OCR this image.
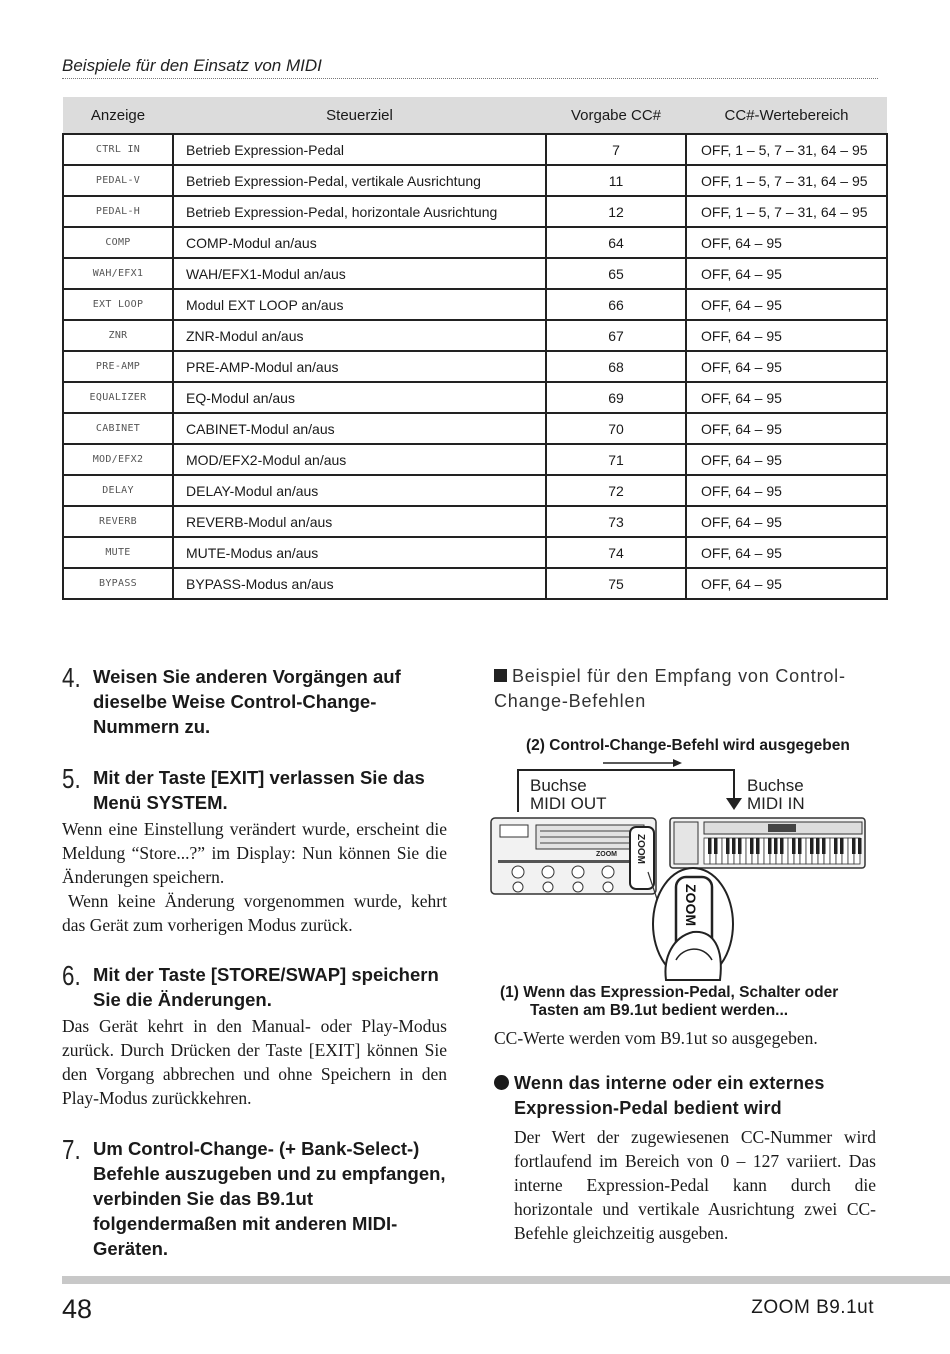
Beispiele für den Einsatz von MIDI
Anzeige	Steuerziel	Vorgabe CC#	CC#-Wertebereich
CTRL IN	Betrieb Expression-Pedal	7	OFF, 1 – 5, 7 – 31, 64 – 95
PEDAL-V	Betrieb Expression-Pedal, vertikale Ausrichtung	11	OFF, 1 – 5, 7 – 31, 64 – 95
PEDAL-H	Betrieb Expression-Pedal, horizontale Ausrichtung	12	OFF, 1 – 5, 7 – 31, 64 – 95
COMP	COMP-Modul an/aus	64	OFF, 64 – 95
WAH/EFX1	WAH/EFX1-Modul an/aus	65	OFF, 64 – 95
EXT LOOP	Modul EXT LOOP an/aus	66	OFF, 64 – 95
ZNR	ZNR-Modul an/aus	67	OFF, 64 – 95
PRE-AMP	PRE-AMP-Modul an/aus	68	OFF, 64 – 95
EQUALIZER	EQ-Modul an/aus	69	OFF, 64 – 95
CABINET	CABINET-Modul an/aus	70	OFF, 64 – 95
MOD/EFX2	MOD/EFX2-Modul an/aus	71	OFF, 64 – 95
DELAY	DELAY-Modul an/aus	72	OFF, 64 – 95
REVERB	REVERB-Modul an/aus	73	OFF, 64 – 95
MUTE	MUTE-Modus an/aus	74	OFF, 64 – 95
BYPASS	BYPASS-Modus an/aus	75	OFF, 64 – 95
4. Weisen Sie anderen Vorgängen auf dieselbe Weise Control-Change-Nummern zu.
5. Mit der Taste [EXIT] verlassen Sie das Menü SYSTEM.
Wenn eine Einstellung verändert wurde, erscheint die Meldung “Store...?” im Display: Nun können Sie die Änderungen speichern.
Wenn keine Änderung vorgenommen wurde, kehrt das Gerät zum vorherigen Modus zurück.
6. Mit der Taste [STORE/SWAP] speichern Sie die Änderungen.
Das Gerät kehrt in den Manual- oder Play-Modus zurück. Durch Drücken der Taste [EXIT] können Sie den Vorgang abbrechen und ohne Speichern in den Play-Modus zurückkehren.
7. Um Control-Change- (+ Bank-Select-) Befehle auszugeben und zu empfangen, verbinden Sie das B9.1ut folgendermaßen mit anderen MIDI-Geräten.
Beispiel für den Empfang von Control-Change-Befehlen
(2) Control-Change-Befehl wird ausgegeben
Buchse
MIDI OUT
Buchse
MIDI IN
ZOOM ZOOM
ZOOM
(1) Wenn das Expression-Pedal, Schalter oder
Tasten am B9.1ut bedient werden...
CC-Werte werden vom B9.1ut so ausgegeben.
Wenn das interne oder ein externes
Expression-Pedal bedient wird
Der Wert der zugewiesenen CC-Nummer wird fortlaufend im Bereich von 0 – 127 variiert. Das interne Expression-Pedal kann durch die horizontale und vertikale Ausrichtung zwei CC-Befehle gleichzeitig ausgeben.
48	ZOOM B9.1ut
